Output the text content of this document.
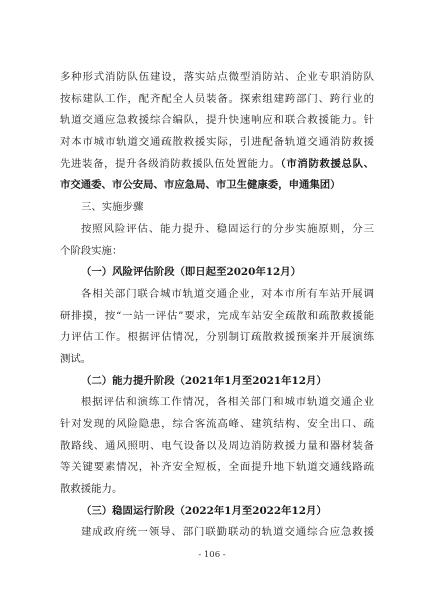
多种形式消防队伍建设，落实站点微型消防站、企业专职消防队
按标建队工作，配齐配全人员装备。探索组建跨部门、跨行业的
轨道交通应急救援综合编队，提升快速响应和联合救援能力。针
对本市城市轨道交通疏散救援实际，引进配备轨道交通消防救援
先进装备，提升各级消防救援队伍处置能力。（市消防救援总队、
市交通委、市公安局、市应急局、市卫生健康委，申通集团）
三、实施步骤
按照风险评估、能力提升、稳固运行的分步实施原则，分三
个阶段实施：
（一）风险评估阶段（即日起至2020年12月）
各相关部门联合城市轨道交通企业，对本市所有车站开展调
研排摸，按“一站一评估”要求，完成车站安全疏散和疏散救援能
力评估工作。根据评估情况，分别制订疏散救援预案并开展演练
测试。
（二）能力提升阶段（2021年1月至2021年12月）
根据评估和演练工作情况，各相关部门和城市轨道交通企业
针对发现的风险隐患，综合客流高峰、建筑结构、安全出口、疏
散路线、通风照明、电气设备以及周边消防救援力量和器材装备
等关键要素情况，补齐安全短板，全面提升地下轨道交通线路疏
散救援能力。
（三）稳固运行阶段（2022年1月至2022年12月）
建成政府统一领导、部门联勤联动的轨道交通综合应急救援
- 106 -
